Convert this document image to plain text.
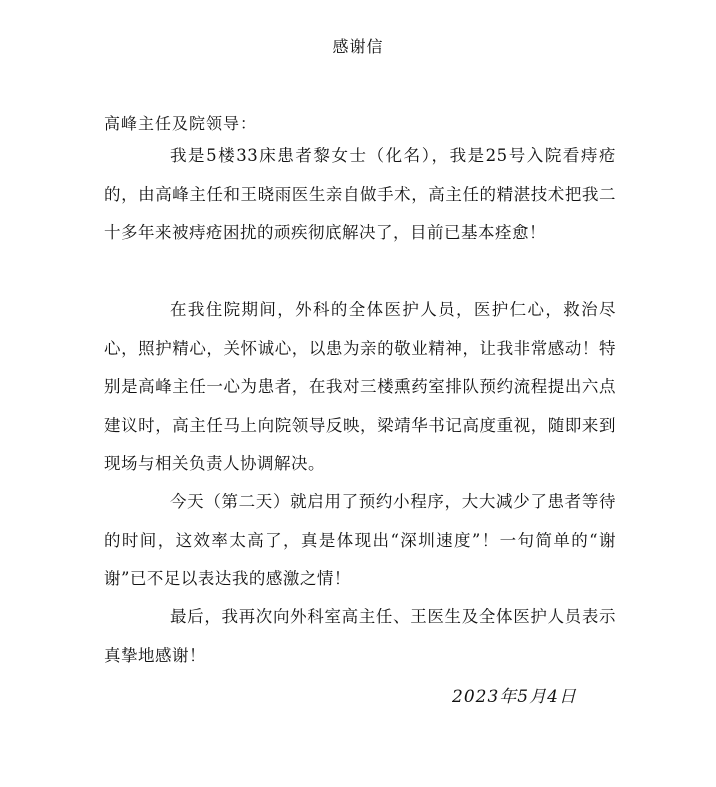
感谢信
高峰主任及院领导：
我是5楼33床患者黎女士（化名），我是25号入院看痔疮的，由高峰主任和王晓雨医生亲自做手术，高主任的精湛技术把我二十多年来被痔疮困扰的顽疾彻底解决了，目前已基本痊愈！
在我住院期间，外科的全体医护人员，医护仁心，救治尽心，照护精心，关怀诚心，以患为亲的敬业精神，让我非常感动！特别是高峰主任一心为患者，在我对三楼熏药室排队预约流程提出六点建议时，高主任马上向院领导反映，梁靖华书记高度重视，随即来到现场与相关负责人协调解决。
今天（第二天）就启用了预约小程序，大大减少了患者等待的时间，这效率太高了，真是体现出“深圳速度”！一句简单的“谢谢”已不足以表达我的感激之情！
最后，我再次向外科室高主任、王医生及全体医护人员表示真挚地感谢！
2023年5月4日
